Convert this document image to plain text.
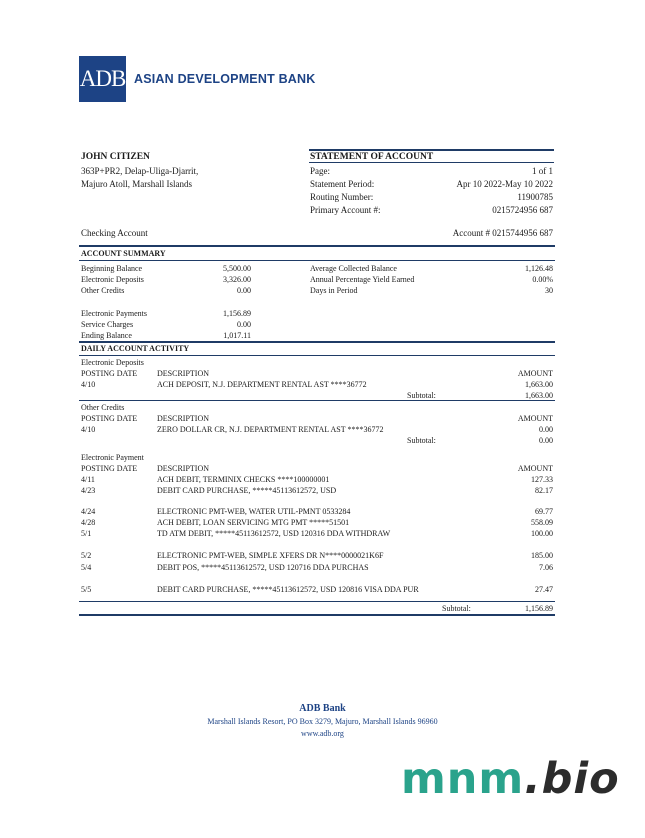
ADB ASIAN DEVELOPMENT BANK
JOHN CITIZEN
363P+PR2, Delap-Uliga-Djarrit,
Majuro Atoll, Marshall Islands
STATEMENT OF ACCOUNT
Page:	1 of 1
Statement Period:	Apr 10 2022-May 10 2022
Routing Number:	11900785
Primary Account #:	0215724956 687
Checking Account	Account # 0215744956 687
ACCOUNT SUMMARY
Beginning Balance	5,500.00
Electronic Deposits	3,326.00
Other Credits	0.00
Electronic Payments	1,156.89
Service Charges	0.00
Ending Balance	1,017.11
Average Collected Balance	1,126.48
Annual Percentage Yield Earned	0.00%
Days in Period	30
DAILY ACCOUNT ACTIVITY
Electronic Deposits
POSTING DATE DESCRIPTION	AMOUNT
4/10	ACH DEPOSIT, N.J. DEPARTMENT RENTAL AST ****36772	1,663.00
Subtotal:	1,663.00
Other Credits
POSTING DATE DESCRIPTION	AMOUNT
4/10	ZERO DOLLAR CR, N.J. DEPARTMENT RENTAL AST ****36772	0.00
Subtotal:	0.00
Electronic Payment
POSTING DATE DESCRIPTION	AMOUNT
4/11	ACH DEBIT, TERMINIX CHECKS ****100000001	127.33
4/23	DEBIT CARD PURCHASE, *****45113612572, USD	82.17
4/24	ELECTRONIC PMT-WEB, WATER UTIL-PMNT 0533284	69.77
4/28	ACH DEBIT, LOAN SERVICING MTG PMT *****51501	558.09
5/1	TD ATM DEBIT, *****45113612572, USD 120316 DDA WITHDRAW	100.00
5/2	ELECTRONIC PMT-WEB, SIMPLE XFERS DR N****0000021K6F	185.00
5/4	DEBIT POS, *****45113612572, USD 120716 DDA PURCHAS	7.06
5/5	DEBIT CARD PURCHASE, *****45113612572, USD 120816 VISA DDA PUR	27.47
Subtotal:	1,156.89
ADB Bank
Marshall Islands Resort, PO Box 3279, Majuro, Marshall Islands 96960
www.adb.org
mnm.bio
